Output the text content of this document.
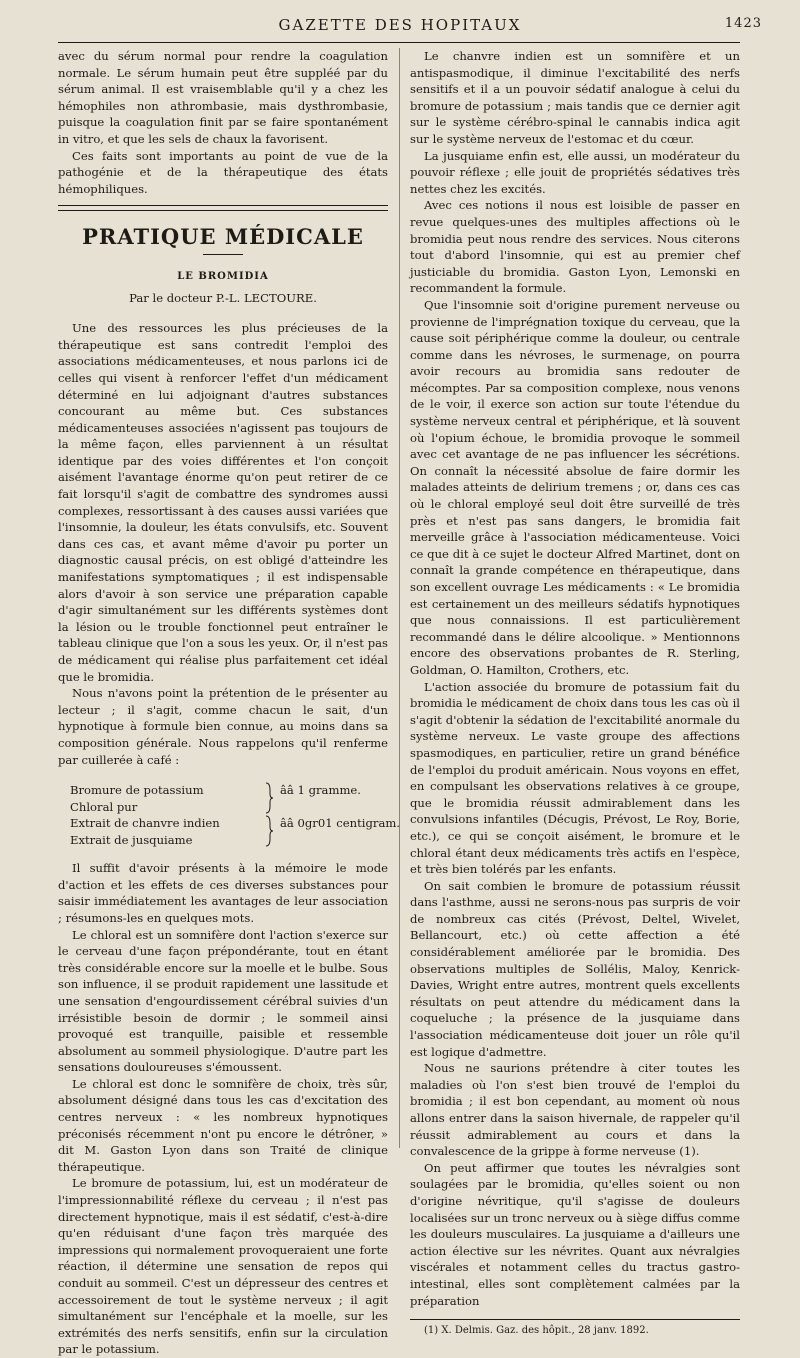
GAZETTE DES HOPITAUX	1423

avec du sérum normal pour rendre la coagulation normale. Le sérum humain peut être suppléé par du sérum animal. Il est vraisemblable qu'il y a chez les hémophiles non athrombasie, mais dysthrombasie, puisque la coagulation finit par se faire spontanément in vitro, et que les sels de chaux la favorisent.

Ces faits sont importants au point de vue de la pathogénie et de la thérapeutique des états hémophiliques.

PRATIQUE MÉDICALE
LE BROMIDIA
Par le docteur P.-L. LECTOURE.

Une des ressources les plus précieuses de la thérapeutique est sans contredit l'emploi des associations médicamenteuses, et nous parlons ici de celles qui visent à renforcer l'effet d'un médicament déterminé en lui adjoignant d'autres substances concourant au même but. Ces substances médicamenteuses associées n'agissent pas toujours de la même façon, elles parviennent à un résultat identique par des voies différentes et l'on conçoit aisément l'avantage énorme qu'on peut retirer de ce fait lorsqu'il s'agit de combattre des syndromes aussi complexes, ressortissant à des causes aussi variées que l'insomnie, la douleur, les états convulsifs, etc. Souvent dans ces cas, et avant même d'avoir pu porter un diagnostic causal précis, on est obligé d'atteindre les manifestations symptomatiques ; il est indispensable alors d'avoir à son service une préparation capable d'agir simultanément sur les différents systèmes dont la lésion ou le trouble fonctionnel peut entraîner le tableau clinique que l'on a sous les yeux. Or, il n'est pas de médicament qui réalise plus parfaitement cet idéal que le bromidia.

Nous n'avons point la prétention de le présenter au lecteur ; il s'agit, comme chacun le sait, d'un hypnotique à formule bien connue, au moins dans sa composition générale. Nous rappelons qu'il renferme par cuillerée à café :

Bromure de potassium
Chloral pur
Extrait de chanvre indien
Extrait de jusquiame
ââ 1 gramme.
ââ 0gr01 centigram.

Il suffit d'avoir présents à la mémoire le mode d'action et les effets de ces diverses substances pour saisir immédiatement les avantages de leur association ; résumons-les en quelques mots.

Le chloral est un somnifère dont l'action s'exerce sur le cerveau d'une façon prépondérante, tout en étant très considérable encore sur la moelle et le bulbe. Sous son influence, il se produit rapidement une lassitude et une sensation d'engourdissement cérébral suivies d'un irrésistible besoin de dormir ; le sommeil ainsi provoqué est tranquille, paisible et ressemble absolument au sommeil physiologique. D'autre part les sensations douloureuses s'émoussent.

Le chloral est donc le somnifère de choix, très sûr, absolument désigné dans tous les cas d'excitation des centres nerveux : « les nombreux hypnotiques préconisés récemment n'ont pu encore le détrôner, » dit M. Gaston Lyon dans son Traité de clinique thérapeutique.

Le bromure de potassium, lui, est un modérateur de l'impressionnabilité réflexe du cerveau ; il n'est pas directement hypnotique, mais il est sédatif, c'est-à-dire qu'en réduisant d'une façon très marquée des impressions qui normalement provoqueraient une forte réaction, il détermine une sensation de repos qui conduit au sommeil. C'est un dépresseur des centres et accessoirement de tout le système nerveux ; il agit simultanément sur l'encéphale et la moelle, sur les extrémités des nerfs sensitifs, enfin sur la circulation par le potassium.

Le chanvre indien est un somnifère et un antispasmodique, il diminue l'excitabilité des nerfs sensitifs et il a un pouvoir sédatif analogue à celui du bromure de potassium ; mais tandis que ce dernier agit sur le système cérébro-spinal le cannabis indica agit sur le système nerveux de l'estomac et du cœur.

La jusquiame enfin est, elle aussi, un modérateur du pouvoir réflexe ; elle jouit de propriétés sédatives très nettes chez les excités.

Avec ces notions il nous est loisible de passer en revue quelques-unes des multiples affections où le bromidia peut nous rendre des services. Nous citerons tout d'abord l'insomnie, qui est au premier chef justiciable du bromidia. Gaston Lyon, Lemonski en recommandent la formule.

Que l'insomnie soit d'origine purement nerveuse ou provienne de l'imprégnation toxique du cerveau, que la cause soit périphérique comme la douleur, ou centrale comme dans les névroses, le surmenage, on pourra avoir recours au bromidia sans redouter de mécomptes. Par sa composition complexe, nous venons de le voir, il exerce son action sur toute l'étendue du système nerveux central et périphérique, et là souvent où l'opium échoue, le bromidia provoque le sommeil avec cet avantage de ne pas influencer les sécrétions. On connaît la nécessité absolue de faire dormir les malades atteints de delirium tremens ; or, dans ces cas où le chloral employé seul doit être surveillé de très près et n'est pas sans dangers, le bromidia fait merveille grâce à l'association médicamenteuse. Voici ce que dit à ce sujet le docteur Alfred Martinet, dont on connaît la grande compétence en thérapeutique, dans son excellent ouvrage Les médicaments : « Le bromidia est certainement un des meilleurs sédatifs hypnotiques que nous connaissions. Il est particulièrement recommandé dans le délire alcoolique. » Mentionnons encore des observations probantes de R. Sterling, Goldman, O. Hamilton, Crothers, etc.

L'action associée du bromure de potassium fait du bromidia le médicament de choix dans tous les cas où il s'agit d'obtenir la sédation de l'excitabilité anormale du système nerveux. Le vaste groupe des affections spasmodiques, en particulier, retire un grand bénéfice de l'emploi du produit américain. Nous voyons en effet, en compulsant les observations relatives à ce groupe, que le bromidia réussit admirablement dans les convulsions infantiles (Décugis, Prévost, Le Roy, Borie, etc.), ce qui se conçoit aisément, le bromure et le chloral étant deux médicaments très actifs en l'espèce, et très bien tolérés par les enfants.

On sait combien le bromure de potassium réussit dans l'asthme, aussi ne serons-nous pas surpris de voir de nombreux cas cités (Prévost, Deltel, Wivelet, Bellancourt, etc.) où cette affection a été considérablement améliorée par le bromidia. Des observations multiples de Sollélis, Maloy, Kenrick-Davies, Wright entre autres, montrent quels excellents résultats on peut attendre du médicament dans la coqueluche ; la présence de la jusquiame dans l'association médicamenteuse doit jouer un rôle qu'il est logique d'admettre.

Nous ne saurions prétendre à citer toutes les maladies où l'on s'est bien trouvé de l'emploi du bromidia ; il est bon cependant, au moment où nous allons entrer dans la saison hivernale, de rappeler qu'il réussit admirablement au cours et dans la convalescence de la grippe à forme nerveuse (1).

On peut affirmer que toutes les névralgies sont soulagées par le bromidia, qu'elles soient ou non d'origine névritique, qu'il s'agisse de douleurs localisées sur un tronc nerveux ou à siège diffus comme les douleurs musculaires. La jusquiame a d'ailleurs une action élective sur les névrites. Quant aux névralgies viscérales et notamment celles du tractus gastro-intestinal, elles sont complètement calmées par la préparation

(1) X. Delmis. Gaz. des hôpit., 28 janv. 1892.
